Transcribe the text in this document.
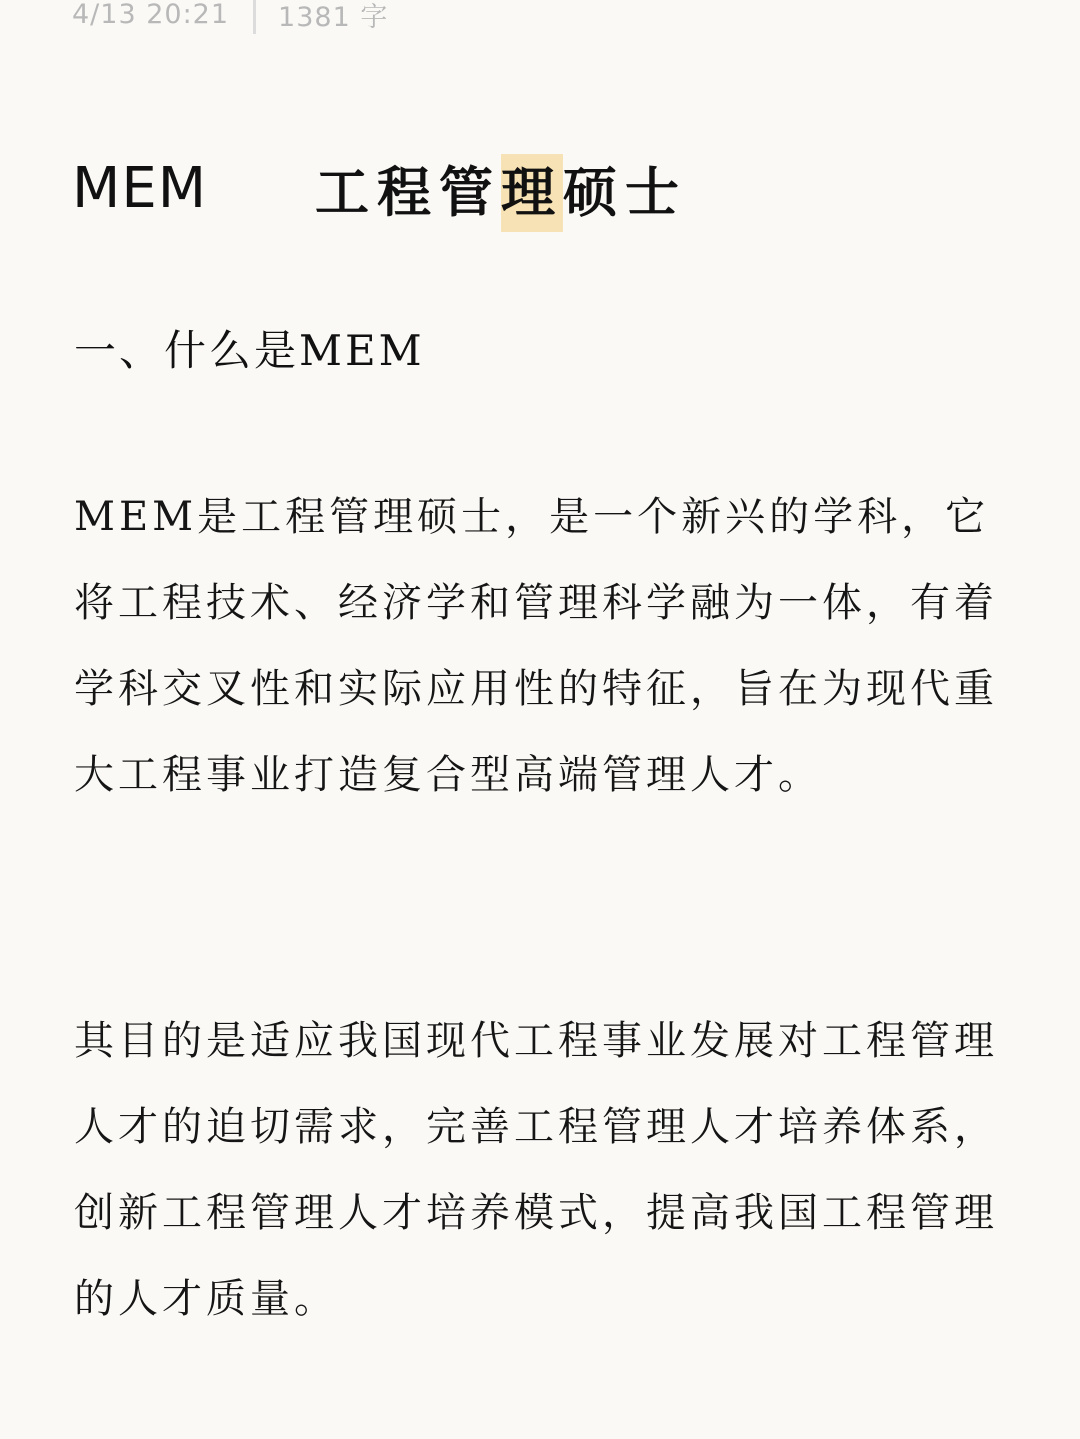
4/13 20:21 1381 字
MEM 工程管理硕士
一、什么是MEM

MEM是工程管理硕士，是一个新兴的学科，它将工程技术、经济学和管理科学融为一体，有着学科交叉性和实际应用性的特征，旨在为现代重大工程事业打造复合型高端管理人才。

其目的是适应我国现代工程事业发展对工程管理人才的迫切需求，完善工程管理人才培养体系，创新工程管理人才培养模式，提高我国工程管理的人才质量。
